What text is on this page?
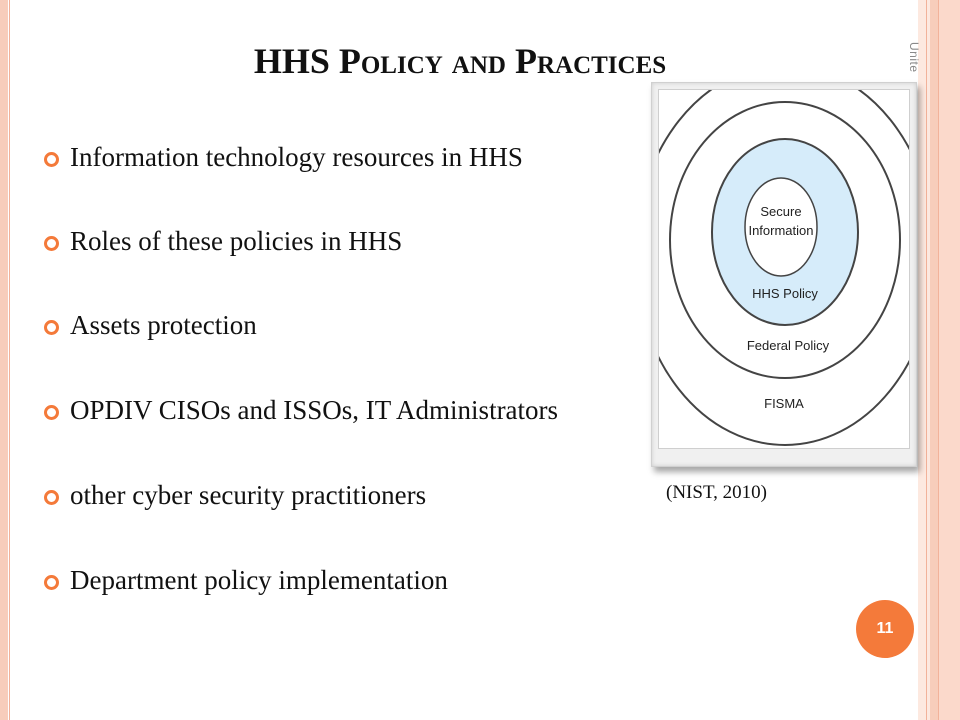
Unite
HHS Policy and Practices
Information technology resources in HHS
Roles of these policies in HHS
Assets protection
OPDIV CISOs and ISSOs, IT Administrators
other cyber security practitioners
Department policy implementation
Secure
Information
HHS Policy
Federal Policy
FISMA
(NIST, 2010)
11
